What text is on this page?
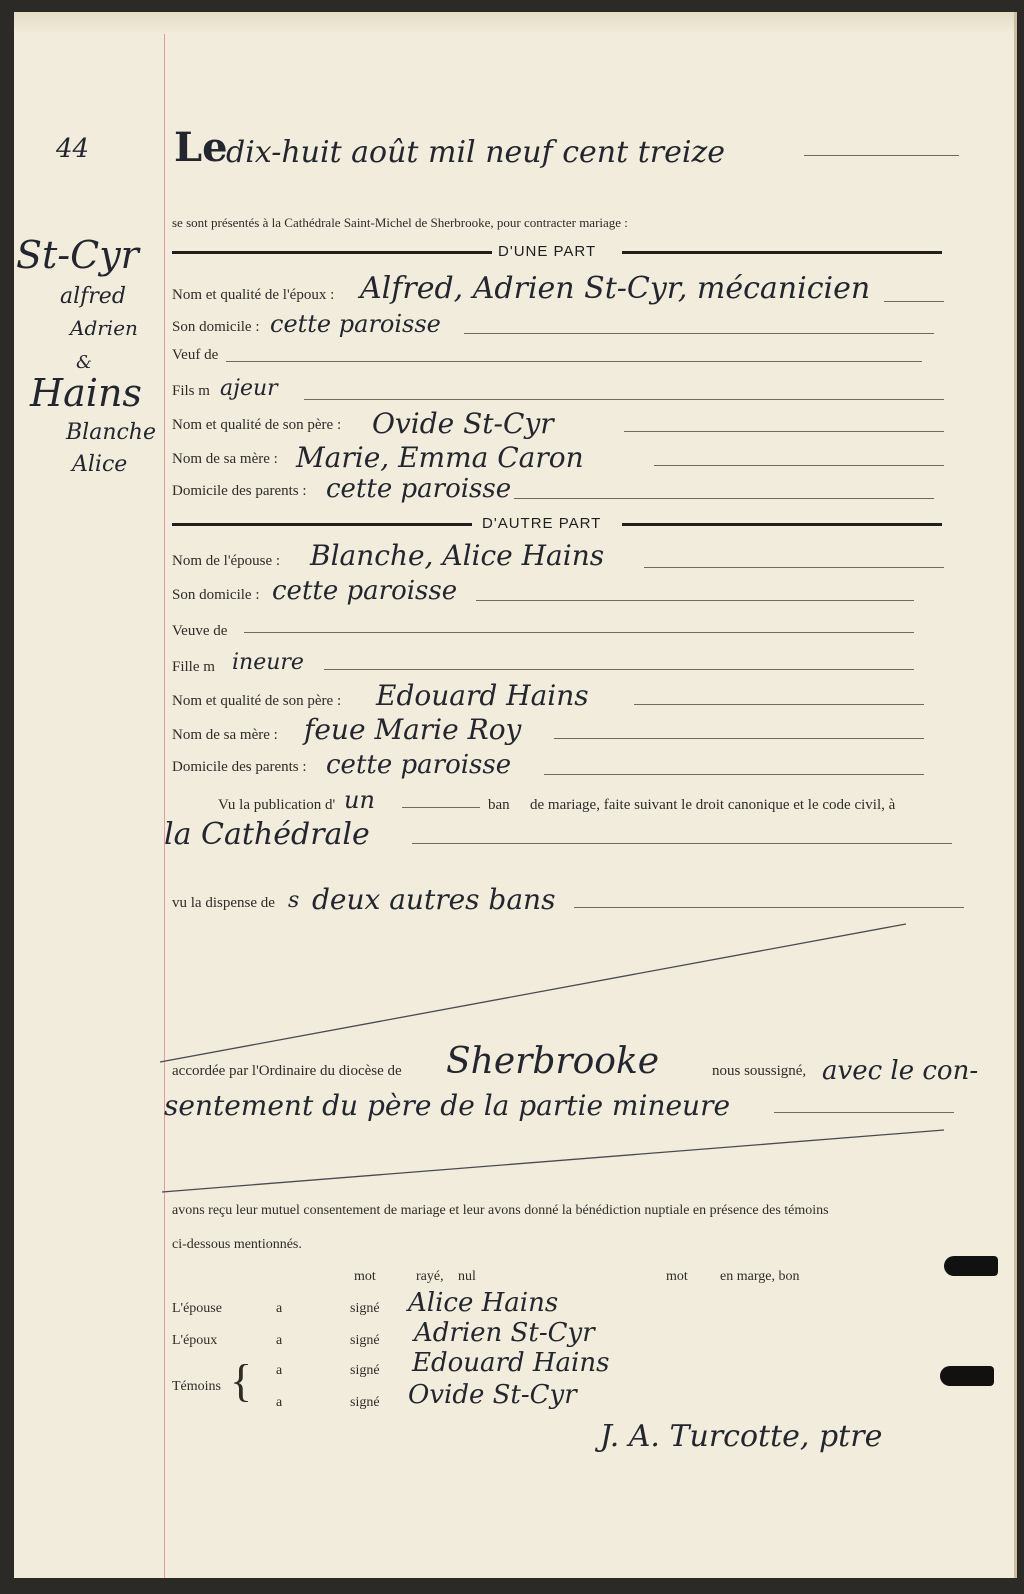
44 Le
dix-huit août mil neuf cent treize
St-Cyr
alfred
Adrien
&
Hains
Blanche
Alice
se sont présentés à la Cathédrale Saint-Michel de Sherbrooke, pour contracter mariage :
D'UNE PART
Nom et qualité de l'époux : Alfred, Adrien St-Cyr, mécanicien
Son domicile : cette paroisse
Veuf de
Fils m ajeur
Nom et qualité de son père : Ovide St-Cyr
Nom de sa mère : Marie, Emma Caron
Domicile des parents : cette paroisse
D'AUTRE PART
Nom de l'épouse : Blanche, Alice Hains
Son domicile : cette paroisse
Veuve de
Fille m ineure
Nom et qualité de son père : Edouard Hains
Nom de sa mère : feue Marie Roy
Domicile des parents : cette paroisse
Vu la publication d' un	ban de mariage, faite suivant le droit canonique et le code civil, à
la Cathédrale
vu la dispense de s deux autres bans
accordée par l'Ordinaire du diocèse de Sherbrooke	nous soussigné, avec le con-
sentement du père de la partie mineure
avons reçu leur mutuel consentement de mariage et leur avons donné la bénédiction nuptiale en présence des témoins
ci-dessous mentionnés.
mot	rayé, nul	mot en marge, bon
L'épouse	a	signé Alice Hains
L'époux	a	signé Adrien St-Cyr
Témoins { a	signé Edouard Hains
a	signé Ovide St-Cyr
J. A. Turcotte, ptre
